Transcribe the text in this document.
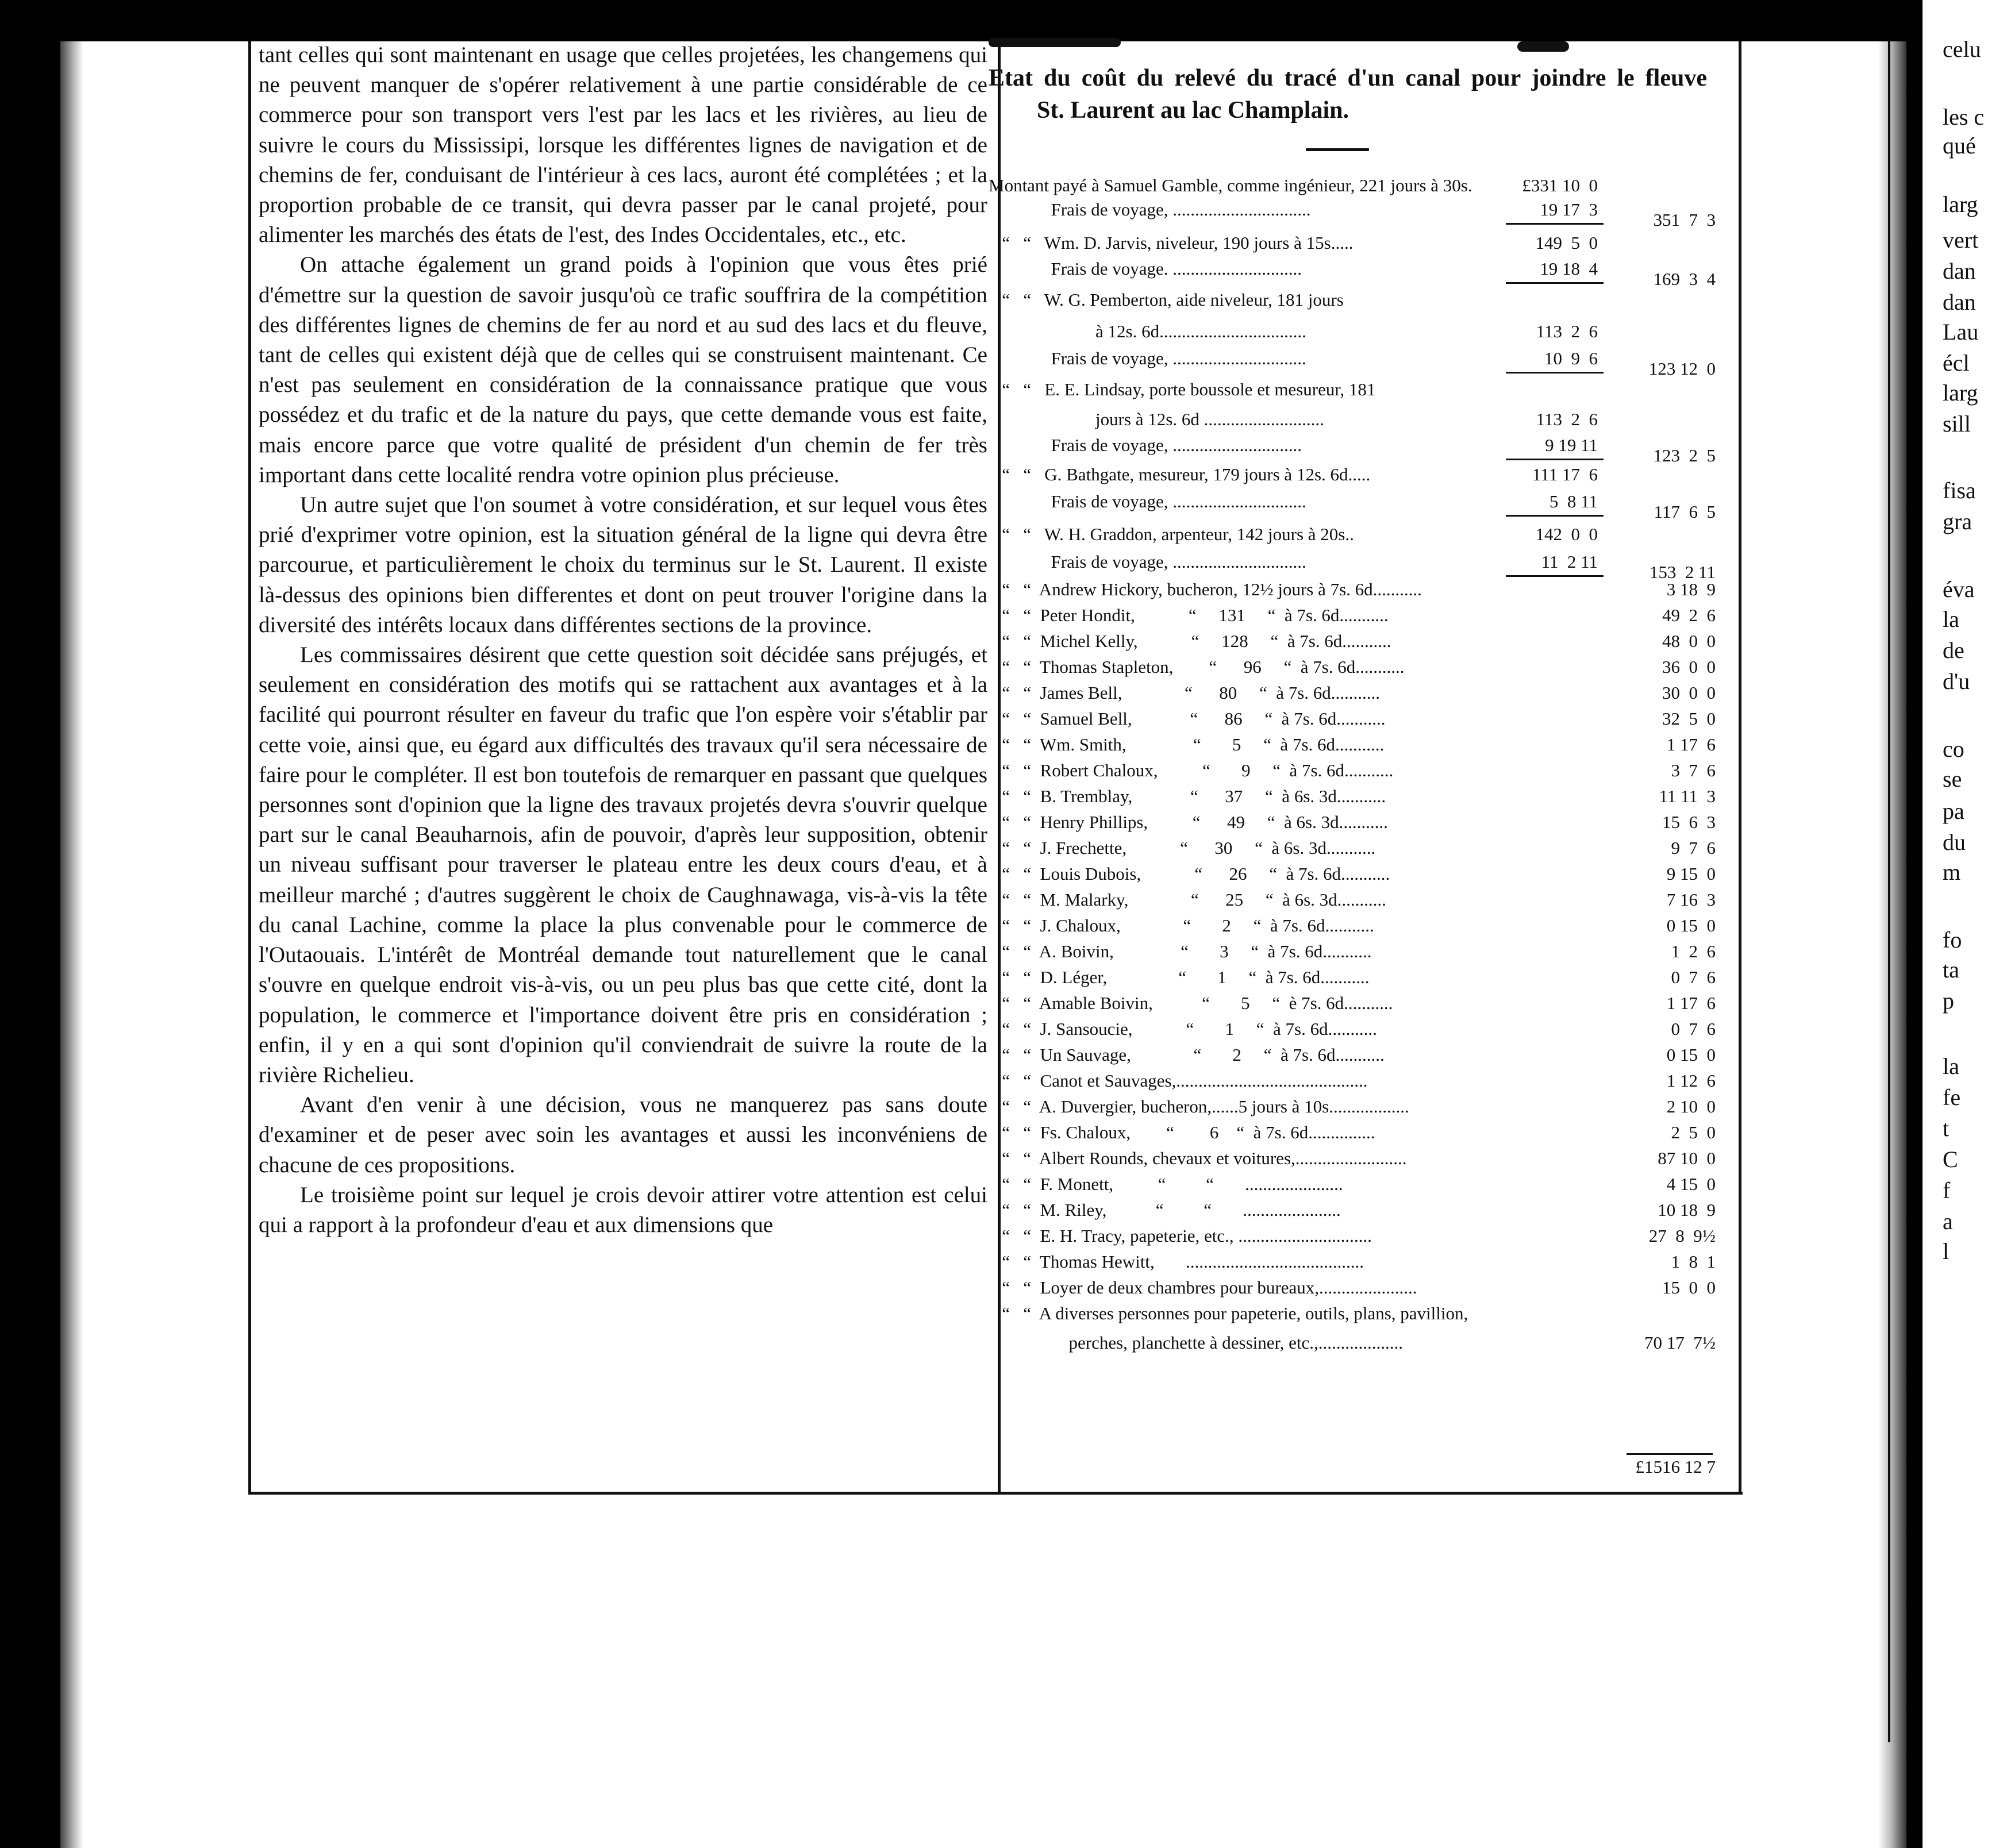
tant celles qui sont maintenant en usage que celles projetées, les changemens qui ne peuvent manquer de s'opérer relativement à une partie considérable de ce commerce pour son transport vers l'est par les lacs et les rivières, au lieu de suivre le cours du Mississipi, lorsque les différentes lignes de navigation et de chemins de fer, conduisant de l'intérieur à ces lacs, auront été complétées ; et la proportion probable de ce transit, qui devra passer par le canal projeté, pour alimenter les marchés des états de l'est, des Indes Occidentales, etc., etc.

On attache également un grand poids à l'opinion que vous êtes prié d'émettre sur la question de savoir jusqu'où ce trafic souffrira de la compétition des différentes lignes de chemins de fer au nord et au sud des lacs et du fleuve, tant de celles qui existent déjà que de celles qui se construisent maintenant. Ce n'est pas seulement en considération de la connaissance pratique que vous possédez et du trafic et de la nature du pays, que cette demande vous est faite, mais encore parce que votre qualité de président d'un chemin de fer très important dans cette localité rendra votre opinion plus précieuse.

Un autre sujet que l'on soumet à votre considération, et sur lequel vous êtes prié d'exprimer votre opinion, est la situation général de la ligne qui devra être parcourue, et particulièrement le choix du terminus sur le St. Laurent. Il existe là-dessus des opinions bien differentes et dont on peut trouver l'origine dans la diversité des intérêts locaux dans différentes sections de la province.

Les commissaires désirent que cette question soit décidée sans préjugés, et seulement en considération des motifs qui se rattachent aux avantages et à la facilité qui pourront résulter en faveur du trafic que l'on espère voir s'établir par cette voie, ainsi que, eu égard aux difficultés des travaux qu'il sera nécessaire de faire pour le compléter. Il est bon toutefois de remarquer en passant que quelques personnes sont d'opinion que la ligne des travaux projetés devra s'ouvrir quelque part sur le canal Beauharnois, afin de pouvoir, d'après leur supposition, obtenir un niveau suffisant pour traverser le plateau entre les deux cours d'eau, et à meilleur marché ; d'autres suggèrent le choix de Caughnawaga, vis-à-vis la tête du canal Lachine, comme la place la plus convenable pour le commerce de l'Outaouais. L'intérêt de Montréal demande tout naturellement que le canal s'ouvre en quelque endroit vis-à-vis, ou un peu plus bas que cette cité, dont la population, le commerce et l'importance doivent être pris en considération ; enfin, il y en a qui sont d'opinion qu'il conviendrait de suivre la route de la rivière Richelieu.

Avant d'en venir à une décision, vous ne manquerez pas sans doute d'examiner et de peser avec soin les avantages et aussi les inconvéniens de chacune de ces propositions.

Le troisième point sur lequel je crois devoir attirer votre attention est celui qui a rapport à la profondeur d'eau et aux dimensions que

Etat du coût du relevé du tracé d'un canal pour joindre le fleuve
St. Laurent au lac Champlain.
Montant payé à Samuel Gamble, comme ingénieur, 221 jours à 30s.	£331 10  0
Frais de voyage, ...............................	19 17  3
351  7  3
“   “   Wm. D. Jarvis, niveleur, 190 jours à 15s.....	149  5  0
Frais de voyage. .............................	19 18  4
169  3  4
“   “   W. G. Pemberton, aide niveleur, 181 jours
à 12s. 6d.................................	113  2  6
Frais de voyage, ..............................	10  9  6
123 12  0
“   “   E. E. Lindsay, porte boussole et mesureur, 181
jours à 12s. 6d ...........................	113  2  6
Frais de voyage, .............................	9 19 11
123  2  5
“   “   G. Bathgate, mesureur, 179 jours à 12s. 6d.....	111 17  6
Frais de voyage, ..............................	5  8 11
117  6  5
“   “   W. H. Graddon, arpenteur, 142 jours à 20s..	142  0  0
Frais de voyage, ..............................	11  2 11
153  2 11
“   “  Andrew Hickory, bucheron, 12½ jours à 7s. 6d...........	3 18  9
“   “  Peter Hondit,            “     131     “  à 7s. 6d...........	49  2  6
“   “  Michel Kelly,            “     128     “  à 7s. 6d...........	48  0  0
“   “  Thomas Stapleton,        “      96     “  à 7s. 6d...........	36  0  0
“   “  James Bell,              “      80     “  à 7s. 6d...........	30  0  0
“   “  Samuel Bell,             “      86     “  à 7s. 6d...........	32  5  0
“   “  Wm. Smith,               “       5     “  à 7s. 6d...........	1 17  6
“   “  Robert Chaloux,          “       9     “  à 7s. 6d...........	3  7  6
“   “  B. Tremblay,             “      37     “  à 6s. 3d...........	11 11  3
“   “  Henry Phillips,          “      49     “  à 6s. 3d...........	15  6  3
“   “  J. Frechette,            “      30     “  à 6s. 3d...........	9  7  6
“   “  Louis Dubois,            “      26     “  à 7s. 6d...........	9 15  0
“   “  M. Malarky,              “      25     “  à 6s. 3d...........	7 16  3
“   “  J. Chaloux,              “       2     “  à 7s. 6d...........	0 15  0
“   “  A. Boivin,               “       3     “  à 7s. 6d...........	1  2  6
“   “  D. Léger,                “       1     “  à 7s. 6d...........	0  7  6
“   “  Amable Boivin,           “       5     “  è 7s. 6d...........	1 17  6
“   “  J. Sansoucie,            “       1     “  à 7s. 6d...........	0  7  6
“   “  Un Sauvage,              “       2     “  à 7s. 6d...........	0 15  0
“   “  Canot et Sauvages,...........................................	1 12  6
“   “  A. Duvergier, bucheron,......5 jours à 10s..................	2 10  0
“   “  Fs. Chaloux,        “        6    “  à 7s. 6d...............	2  5  0
“   “  Albert Rounds, chevaux et voitures,.........................	87 10  0
“   “  F. Monett,          “         “       ......................	4 15  0
“   “  M. Riley,           “         “       ......................	10 18  9
“   “  E. H. Tracy, papeterie, etc., ..............................	27  8  9½
“   “  Thomas Hewitt,       ........................................	1  8  1
“   “  Loyer de deux chambres pour bureaux,......................	15  0  0
“   “  A diverses personnes pour papeterie, outils, plans, pavillion,
perches, planchette à dessiner, etc.,...................	70 17  7½
£1516 12 7
celu
les c
qué
larg
vert
dan
dan
Lau
écl
larg
sill
fisa
gra
éva
la
de
d'u
co
se
pa
du
m
fo
ta
p
la
fe
t
C
f
a
l
